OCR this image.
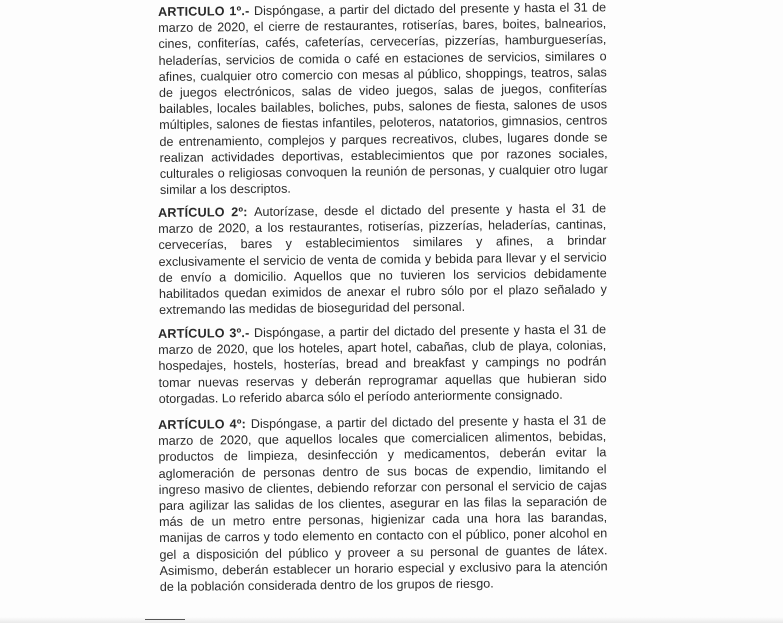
ARTICULO 1º.- Dispóngase, a partir del dictado del presente y hasta el 31 de marzo de 2020, el cierre de restaurantes, rotiserías, bares, boites, balnearios, cines, confiterías, cafés, cafeterías, cervecerías, pizzerías, hamburgueserías, heladerías, servicios de comida o café en estaciones de servicios, similares o afines, cualquier otro comercio con mesas al público, shoppings, teatros, salas de juegos electrónicos, salas de video juegos, salas de juegos, confiterías bailables, locales bailables, boliches, pubs, salones de fiesta, salones de usos múltiples, salones de fiestas infantiles, peloteros, natatorios, gimnasios, centros de entrenamiento, complejos y parques recreativos, clubes, lugares donde se realizan actividades deportivas, establecimientos que por razones sociales, culturales o religiosas convoquen la reunión de personas, y cualquier otro lugar similar a los descriptos.
ARTÍCULO 2º: Autorízase, desde el dictado del presente y hasta el 31 de marzo de 2020, a los restaurantes, rotiserías, pizzerías, heladerías, cantinas, cervecerías, bares y establecimientos similares y afines, a brindar exclusivamente el servicio de venta de comida y bebida para llevar y el servicio de envío a domicilio. Aquellos que no tuvieren los servicios debidamente habilitados quedan eximidos de anexar el rubro sólo por el plazo señalado y extremando las medidas de bioseguridad del personal.
ARTÍCULO 3º.- Dispóngase, a partir del dictado del presente y hasta el 31 de marzo de 2020, que los hoteles, apart hotel, cabañas, club de playa, colonias, hospedajes, hostels, hosterías, bread and breakfast y campings no podrán tomar nuevas reservas y deberán reprogramar aquellas que hubieran sido otorgadas. Lo referido abarca sólo el período anteriormente consignado.
ARTÍCULO 4º: Dispóngase, a partir del dictado del presente y hasta el 31 de marzo de 2020, que aquellos locales que comercialicen alimentos, bebidas, productos de limpieza, desinfección y medicamentos, deberán evitar la aglomeración de personas dentro de sus bocas de expendio, limitando el ingreso masivo de clientes, debiendo reforzar con personal el servicio de cajas para agilizar las salidas de los clientes, asegurar en las filas la separación de más de un metro entre personas, higienizar cada una hora las barandas, manijas de carros y todo elemento en contacto con el público, poner alcohol en gel a disposición del público y proveer a su personal de guantes de látex. Asimismo, deberán establecer un horario especial y exclusivo para la atención de la población considerada dentro de los grupos de riesgo.
